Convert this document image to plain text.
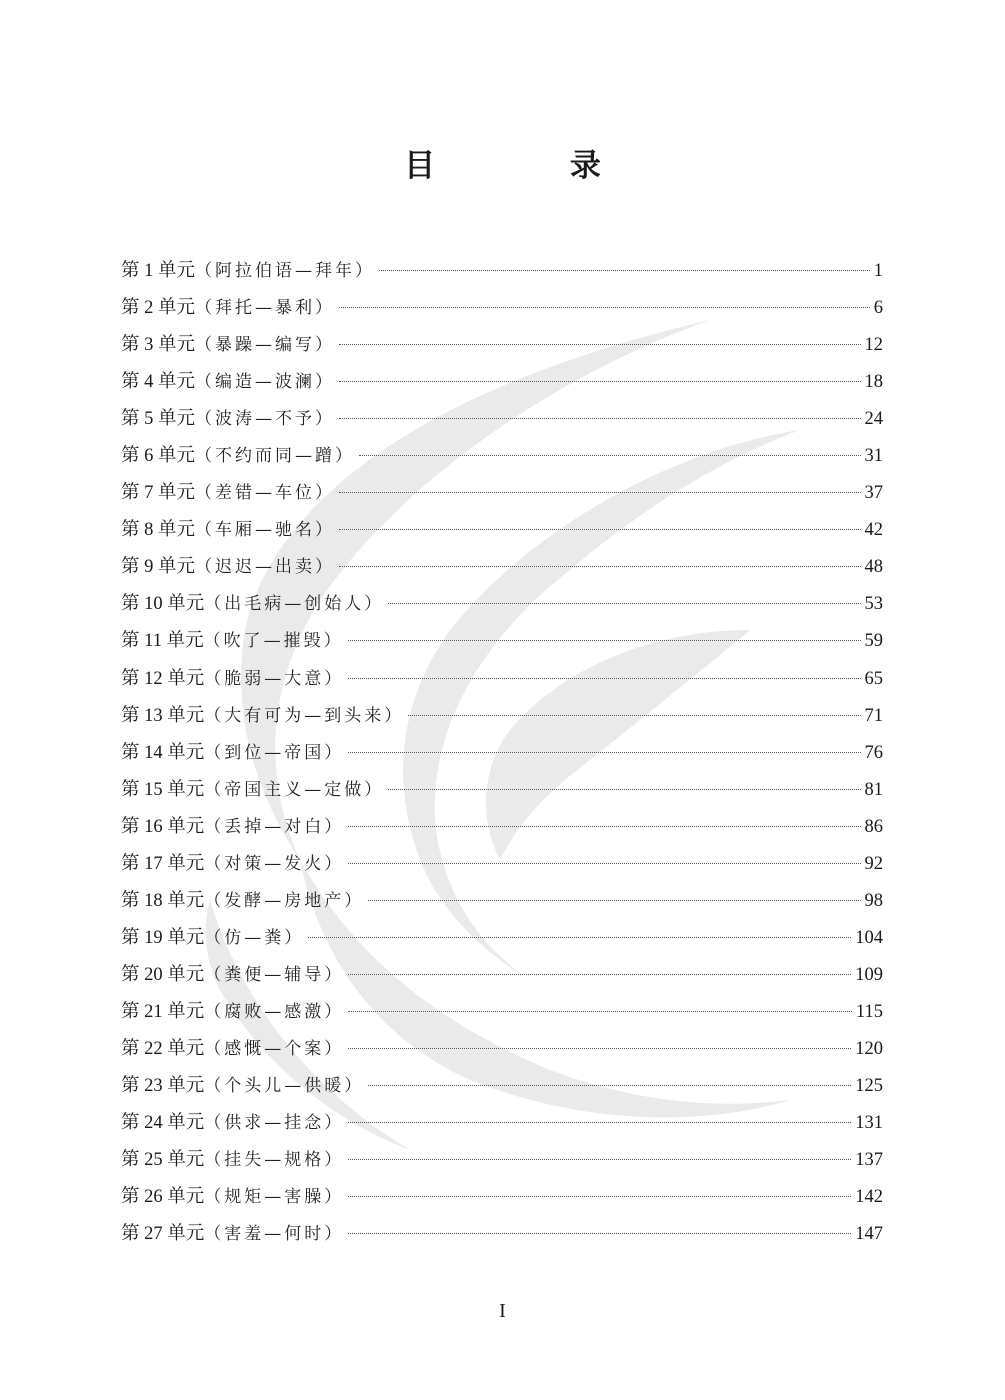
目 录
第 1 单元 （阿拉伯语—拜年）	1
第 2 单元 （拜托—暴利）	6
第 3 单元 （暴躁—编写）	12
第 4 单元 （编造—波澜）	18
第 5 单元 （波涛—不予）	24
第 6 单元 （不约而同—蹭）	31
第 7 单元 （差错—车位）	37
第 8 单元 （车厢—驰名）	42
第 9 单元 （迟迟—出卖）	48
第 10 单元 （出毛病—创始人）	53
第 11 单元 （吹了—摧毁）	59
第 12 单元 （脆弱—大意）	65
第 13 单元 （大有可为—到头来）	71
第 14 单元 （到位—帝国）	76
第 15 单元 （帝国主义—定做）	81
第 16 单元 （丢掉—对白）	86
第 17 单元 （对策—发火）	92
第 18 单元 （发酵—房地产）	98
第 19 单元 （仿—粪）	104
第 20 单元 （粪便—辅导）	109
第 21 单元 （腐败—感激）	115
第 22 单元 （感慨—个案）	120
第 23 单元 （个头儿—供暖）	125
第 24 单元 （供求—挂念）	131
第 25 单元 （挂失—规格）	137
第 26 单元 （规矩—害臊）	142
第 27 单元 （害羞—何时）	147
I
